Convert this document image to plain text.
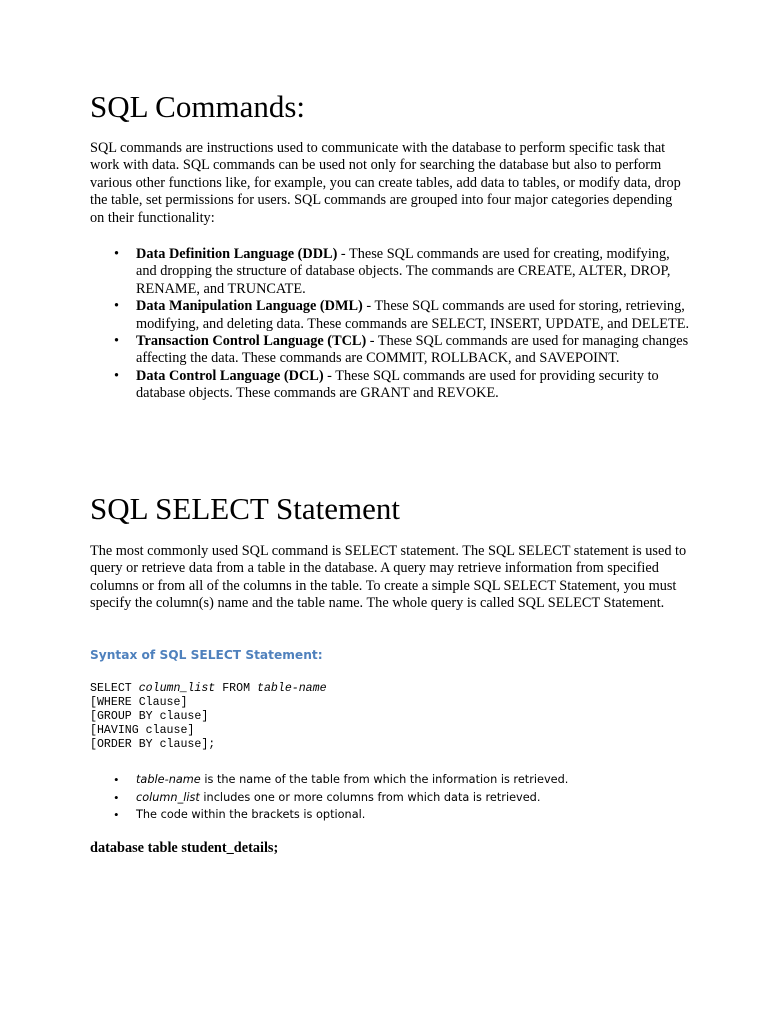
SQL Commands:

SQL commands are instructions used to communicate with the database to perform specific task that work with data. SQL commands can be used not only for searching the database but also to perform various other functions like, for example, you can create tables, add data to tables, or modify data, drop the table, set permissions for users. SQL commands are grouped into four major categories depending on their functionality:

• Data Definition Language (DDL) - These SQL commands are used for creating, modifying, and dropping the structure of database objects. The commands are CREATE, ALTER, DROP, RENAME, and TRUNCATE.
• Data Manipulation Language (DML) - These SQL commands are used for storing, retrieving, modifying, and deleting data. These commands are SELECT, INSERT, UPDATE, and DELETE.
• Transaction Control Language (TCL) - These SQL commands are used for managing changes affecting the data. These commands are COMMIT, ROLLBACK, and SAVEPOINT.
• Data Control Language (DCL) - These SQL commands are used for providing security to database objects. These commands are GRANT and REVOKE.
SQL SELECT Statement

The most commonly used SQL command is SELECT statement. The SQL SELECT statement is used to query or retrieve data from a table in the database. A query may retrieve information from specified columns or from all of the columns in the table. To create a simple SQL SELECT Statement, you must specify the column(s) name and the table name. The whole query is called SQL SELECT Statement.

Syntax of SQL SELECT Statement:
SELECT column_list FROM table-name
[WHERE Clause]
[GROUP BY clause]
[HAVING clause]
[ORDER BY clause];
• table-name is the name of the table from which the information is retrieved.
• column_list includes one or more columns from which data is retrieved.
• The code within the brackets is optional.
database table student_details;
